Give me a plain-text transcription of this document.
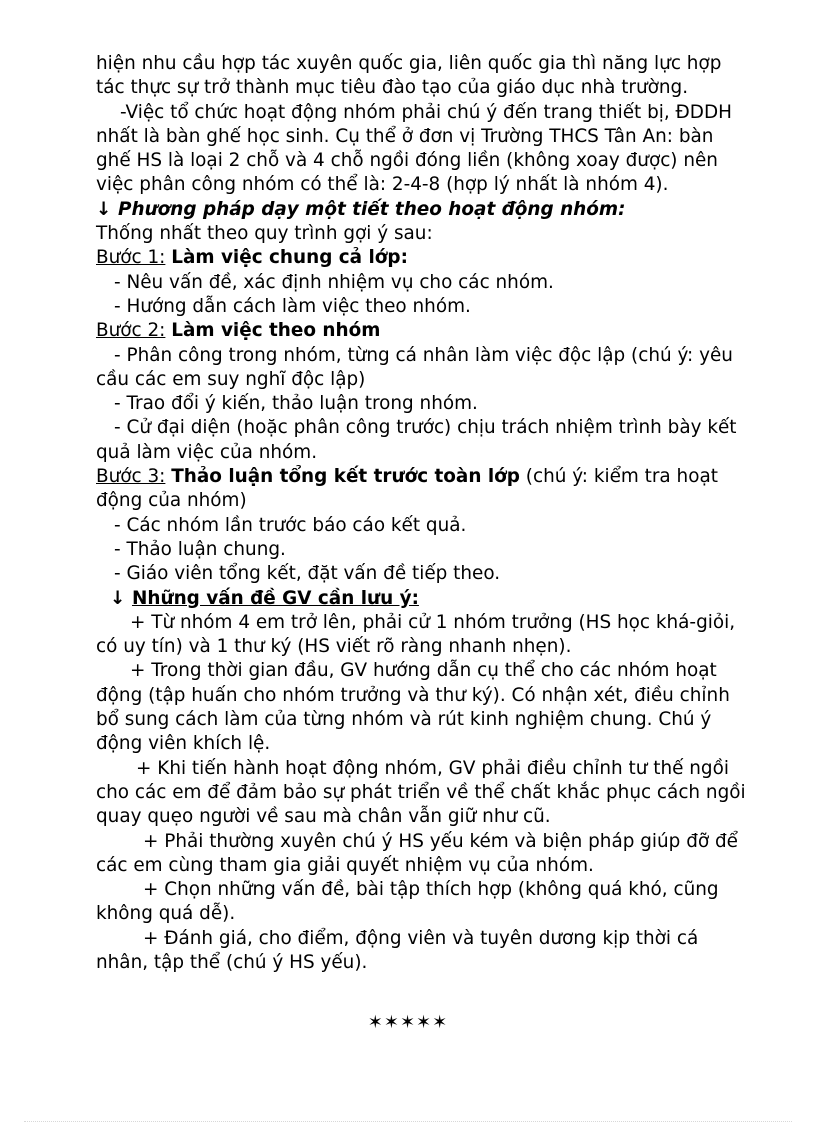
hiện nhu cầu hợp tác xuyên quốc gia, liên quốc gia thì năng lực hợp
tác thực sự trở thành mục tiêu đào tạo của giáo dục nhà trường.
-Việc tổ chức hoạt động nhóm phải chú ý đến trang thiết bị, ĐDDH
nhất là bàn ghế học sinh. Cụ thể ở đơn vị Trường THCS Tân An: bàn
ghế HS là loại 2 chỗ và 4 chỗ ngồi đóng liền (không xoay được) nên
việc phân công nhóm có thể là: 2-4-8 (hợp lý nhất là nhóm 4).
↓ Phương pháp dạy một tiết theo hoạt động nhóm:
Thống nhất theo quy trình gợi ý sau:
Bước 1: Làm việc chung cả lớp:
- Nêu vấn đề, xác định nhiệm vụ cho các nhóm.
- Hướng dẫn cách làm việc theo nhóm.
Bước 2: Làm việc theo nhóm
- Phân công trong nhóm, từng cá nhân làm việc độc lập (chú ý: yêu
cầu các em suy nghĩ độc lập)
- Trao đổi ý kiến, thảo luận trong nhóm.
- Cử đại diện (hoặc phân công trước) chịu trách nhiệm trình bày kết
quả làm việc của nhóm.
Bước 3: Thảo luận tổng kết trước toàn lớp (chú ý: kiểm tra hoạt
động của nhóm)
- Các nhóm lần trước báo cáo kết quả.
- Thảo luận chung.
- Giáo viên tổng kết, đặt vấn đề tiếp theo.
↓ Những vấn đề GV cần lưu ý:
+ Từ nhóm 4 em trở lên, phải cử 1 nhóm trưởng (HS học khá-giỏi,
có uy tín) và 1 thư ký (HS viết rõ ràng nhanh nhẹn).
+ Trong thời gian đầu, GV hướng dẫn cụ thể cho các nhóm hoạt
động (tập huấn cho nhóm trưởng và thư ký). Có nhận xét, điều chỉnh
bổ sung cách làm của từng nhóm và rút kinh nghiệm chung. Chú ý
động viên khích lệ.
+ Khi tiến hành hoạt động nhóm, GV phải điều chỉnh tư thế ngồi
cho các em để đảm bảo sự phát triển về thể chất khắc phục cách ngồi
quay quẹo người về sau mà chân vẫn giữ như cũ.
+ Phải thường xuyên chú ý HS yếu kém và biện pháp giúp đỡ để
các em cùng tham gia giải quyết nhiệm vụ của nhóm.
+ Chọn những vấn đề, bài tập thích hợp (không quá khó, cũng
không quá dễ).
+ Đánh giá, cho điểm, động viên và tuyên dương kịp thời cá
nhân, tập thể (chú ý HS yếu).
✶✶✶✶✶
